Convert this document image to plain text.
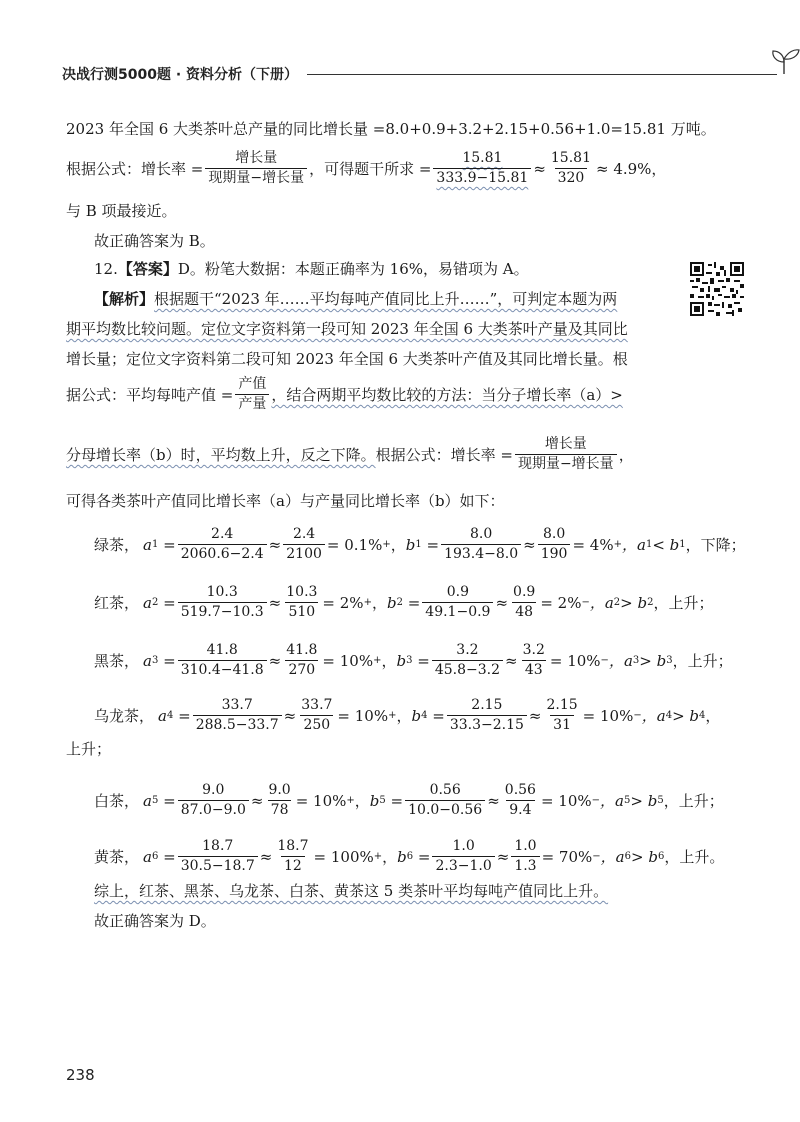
决战行测5000题 · 资料分析（下册）
2023 年全国 6 大类茶叶总产量的同比增长量 =8.0+0.9+3.2+2.15+0.56+1.0=15.81 万吨。
根据公式：增长率 = $\frac{\text{增长量}}{\text{现期量−增长量}}$ ，可得题干所求 = $\frac{15.81}{333.9-15.81} \approx \frac{15.81}{320} \approx 4.9\%$，
与 B 项最接近。
故正确答案为 B。
12.【答案】D。粉笔大数据：本题正确率为 16%，易错项为 A。
【解析】根据题干“2023 年……平均每吨产值同比上升……”，可判定本题为两
期平均数比较问题。定位文字资料第一段可知 2023 年全国 6 大类茶叶产量及其同比
增长量；定位文字资料第二段可知 2023 年全国 6 大类茶叶产值及其同比增长量。根
据公式：平均每吨产值 = $\frac{\text{产值}}{\text{产量}}$ ，结合两期平均数比较的方法：当分子增长率（a）>
分母增长率（b）时，平均数上升，反之下降。 根据公式：增长率 = $\frac{\text{增长量}}{\text{现期量−增长量}}$ ，
可得各类茶叶产值同比增长率（a）与产量同比增长率（b）如下：
绿茶， a $1 = \frac{2.4}{2060.6-2.4} \approx \frac{2.4}{2100} = 0.1\%$ + ， b $1 = \frac{8.0}{193.4-8.0} \approx \frac{8.0}{190} = 4\%$ + ，a 1 < b 1 ，下降；
红茶， a $2 = \frac{10.3}{519.7-10.3} \approx \frac{10.3}{510} = 2\%$ + ， b $2 = \frac{0.9}{49.1-0.9} \approx \frac{0.9}{48} = 2\%$ − ，a 2 > b 2 ，上升；
黑茶， a $3 = \frac{41.8}{310.4-41.8} \approx \frac{41.8}{270} = 10\%$ + ， b $3 = \frac{3.2}{45.8-3.2} \approx \frac{3.2}{43} = 10\%$ − ，a 3 > b 3 ，上升；
乌龙茶， a $4 = \frac{33.7}{288.5-33.7} \approx \frac{33.7}{250} = 10\%$ + ， b $4 = \frac{2.15}{33.3-2.15} \approx \frac{2.15}{31} = 10\%$ − ，a 4 > b 4 ，
白茶， a $5 = \frac{9.0}{87.0-9.0} \approx \frac{9.0}{78} = 10\%$ + ， b $5 = \frac{0.56}{10.0-0.56} \approx \frac{0.56}{9.4} = 10\%$ − ，a 5 > b 5 ，上升；
黄茶， a $6 = \frac{18.7}{30.5-18.7} \approx \frac{18.7}{12} = 100\%$ + ， b $6 = \frac{1.0}{2.3-1.0} \approx \frac{1.0}{1.3} = 70\%$ − ，a 6 > b 6 ，上升。
上升；
综上，红茶、黑茶、乌龙茶、白茶、黄茶这 5 类茶叶平均每吨产值同比上升。
故正确答案为 D。
238
